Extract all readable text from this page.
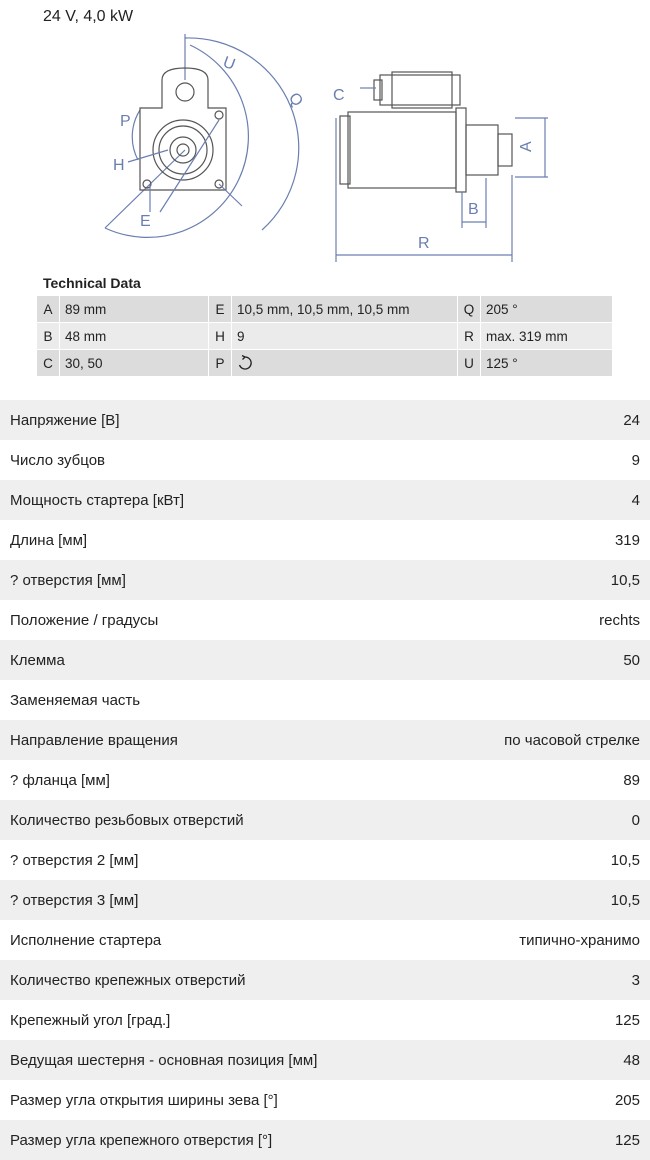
24 V, 4,0 kW
U
Q
P
H
E
C
A
B
R
Technical Data
A	89 mm	E	10,5 mm, 10,5 mm, 10,5 mm	Q	205 °
B	48 mm	H	9	R	max. 319 mm
C	30, 50	P		U	125 °
Напряжение [В]	24
Число зубцов	9
Мощность стартера [кВт]	4
Длина [мм]	319
? отверстия [мм]	10,5
Положение / градусы	rechts
Клемма	50
Заменяемая часть
Направление вращения	по часовой стрелке
? фланца [мм]	89
Количество резьбовых отверстий	0
? отверстия 2 [мм]	10,5
? отверстия 3 [мм]	10,5
Исполнение стартера	типично-хранимо
Количество крепежных отверстий	3
Крепежный угол [град.]	125
Ведущая шестерня - основная позиция [мм]	48
Размер угла открытия ширины зева [°]	205
Размер угла крепежного отверстия [°]	125
